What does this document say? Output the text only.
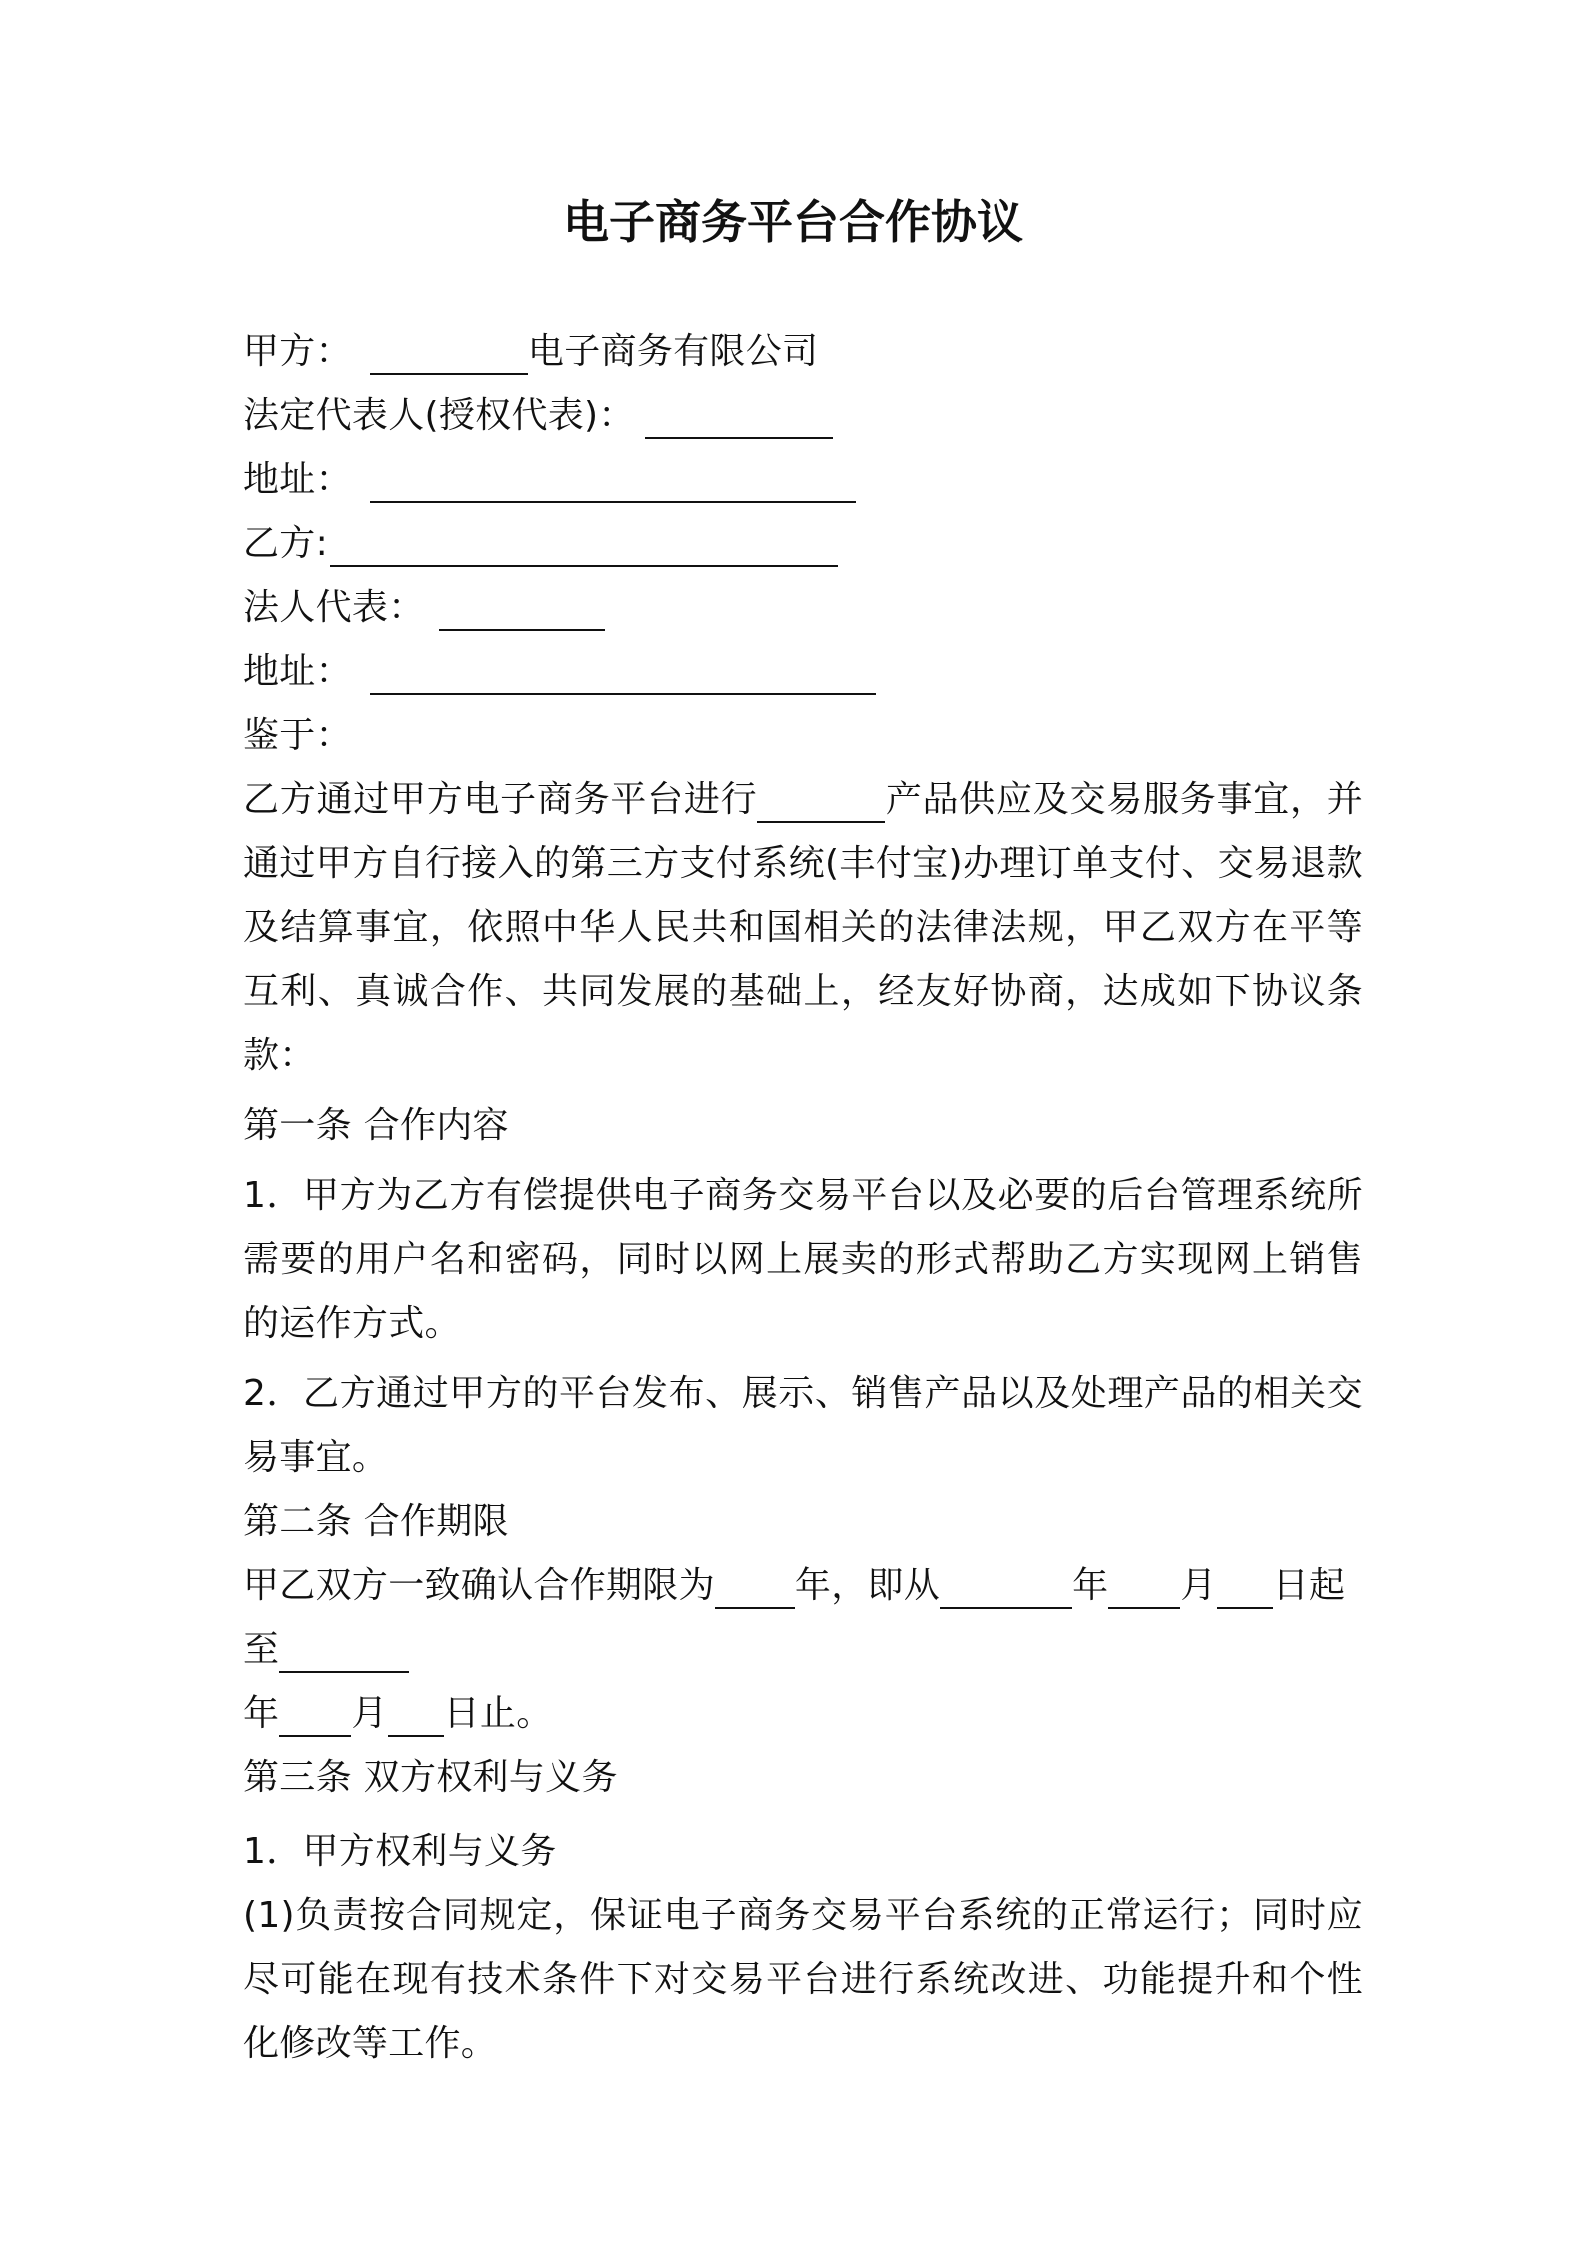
电子商务平台合作协议
甲方：	电子商务有限公司
法定代表人(授权代表)：
地址：
乙方:
法人代表：
地址：
鉴于：
乙方通过甲方电子商务平台进行	产品供应及交易服务事宜，并通过甲方自行接入的第三方支付系统(丰付宝)办理订单支付、交易退款及结算事宜，依照中华人民共和国相关的法律法规，甲乙双方在平等互利、真诚合作、共同发展的基础上，经友好协商，达成如下协议条款：
第一条 合作内容
1．甲方为乙方有偿提供电子商务交易平台以及必要的后台管理系统所需要的用户名和密码，同时以网上展卖的形式帮助乙方实现网上销售的运作方式。
2．乙方通过甲方的平台发布、展示、销售产品以及处理产品的相关交易事宜。
第二条 合作期限
甲乙双方一致确认合作期限为 年，即从	年 月 日起
至
年 月 日止。
第三条 双方权利与义务
1．甲方权利与义务
(1)负责按合同规定，保证电子商务交易平台系统的正常运行；同时应尽可能在现有技术条件下对交易平台进行系统改进、功能提升和个性化修改等工作。
